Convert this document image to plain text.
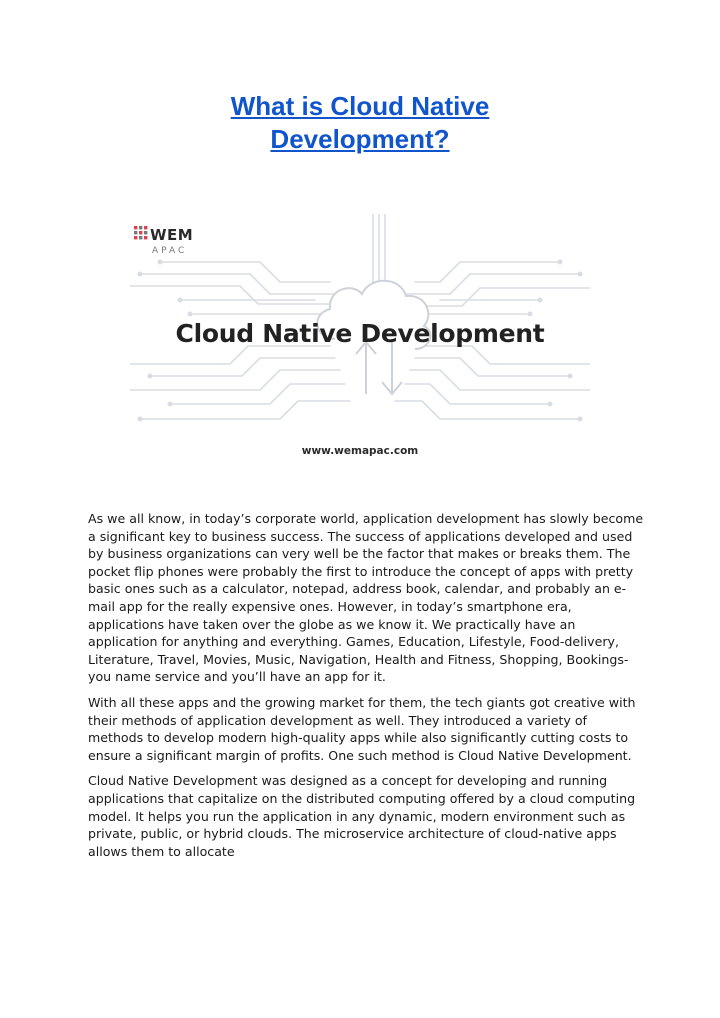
What is Cloud Native
Development?
WEM
APAC
Cloud Native Development
www.wemapac.com

As we all know, in today’s corporate world, application development has slowly become a significant key to business success. The success of applications developed and used by business organizations can very well be the factor that makes or breaks them. The pocket flip phones were probably the first to introduce the concept of apps with pretty basic ones such as a calculator, notepad, address book, calendar, and probably an e-mail app for the really expensive ones. However, in today’s smartphone era, applications have taken over the globe as we know it. We practically have an application for anything and everything. Games, Education, Lifestyle, Food-delivery, Literature, Travel, Movies, Music, Navigation, Health and Fitness, Shopping, Bookings- you name service and you’ll have an app for it.

With all these apps and the growing market for them, the tech giants got creative with their methods of application development as well. They introduced a variety of methods to develop modern high-quality apps while also significantly cutting costs to ensure a significant margin of profits. One such method is Cloud Native Development.

Cloud Native Development was designed as a concept for developing and running applications that capitalize on the distributed computing offered by a cloud computing model. It helps you run the application in any dynamic, modern environment such as private, public, or hybrid clouds. The microservice architecture of cloud-native apps allows them to allocate
